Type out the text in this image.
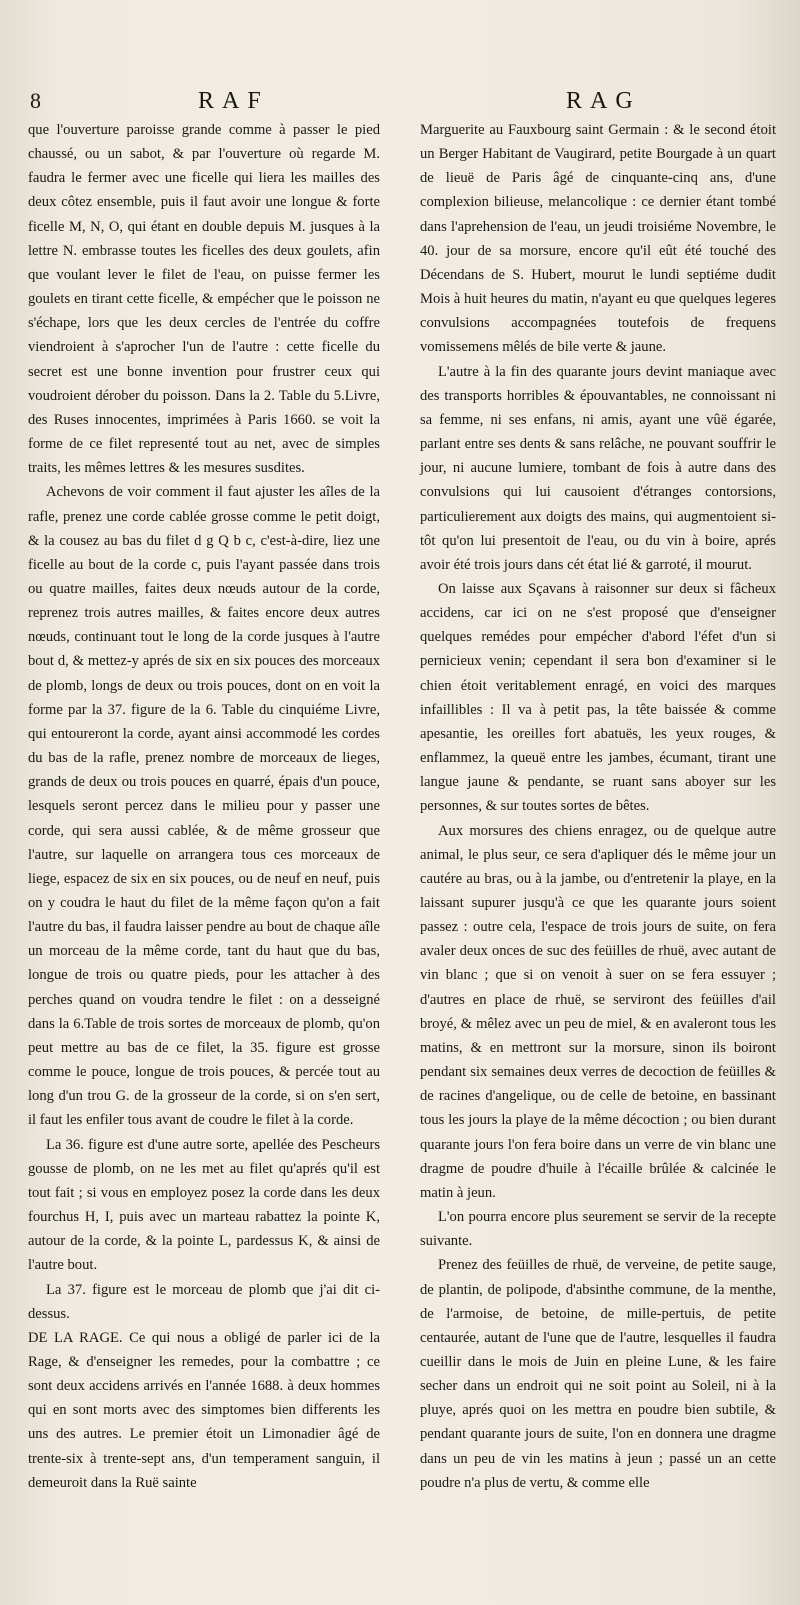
8	RAF	RAG

que l'ouverture paroisse grande comme à passer le pied chaussé, ou un sabot, & par l'ouverture où regarde M. faudra le fermer avec une ficelle qui liera les mailles des deux côtez ensemble, puis il faut avoir une longue & forte ficelle M, N, O, qui étant en double depuis M. jusques à la lettre N. embrasse toutes les ficelles des deux goulets, afin que voulant lever le filet de l'eau, on puisse fermer les goulets en tirant cette ficelle, & empécher que le poisson ne s'échape, lors que les deux cercles de l'entrée du coffre viendroient à s'aprocher l'un de l'autre : cette ficelle du secret est une bonne invention pour frustrer ceux qui voudroient dérober du poisson. Dans la 2. Table du 5.Livre, des Ruses innocentes, imprimées à Paris 1660. se voit la forme de ce filet representé tout au net, avec de simples traits, les mêmes lettres & les mesures susdites.

Achevons de voir comment il faut ajuster les aîles de la rafle, prenez une corde cablée grosse comme le petit doigt, & la cousez au bas du filet d g Q b c, c'est-à-dire, liez une ficelle au bout de la corde c, puis l'ayant passée dans trois ou quatre mailles, faites deux nœuds autour de la corde, reprenez trois autres mailles, & faites encore deux autres nœuds, continuant tout le long de la corde jusques à l'autre bout d, & mettez-y aprés de six en six pouces des morceaux de plomb, longs de deux ou trois pouces, dont on en voit la forme par la 37. figure de la 6. Table du cinquiéme Livre, qui entoureront la corde, ayant ainsi accommodé les cordes du bas de la rafle, prenez nombre de morceaux de lieges, grands de deux ou trois pouces en quarré, épais d'un pouce, lesquels seront percez dans le milieu pour y passer une corde, qui sera aussi cablée, & de même grosseur que l'autre, sur laquelle on arrangera tous ces morceaux de liege, espacez de six en six pouces, ou de neuf en neuf, puis on y coudra le haut du filet de la même façon qu'on a fait l'autre du bas, il faudra laisser pendre au bout de chaque aîle un morceau de la même corde, tant du haut que du bas, longue de trois ou quatre pieds, pour les attacher à des perches quand on voudra tendre le filet : on a desseigné dans la 6.Table de trois sortes de morceaux de plomb, qu'on peut mettre au bas de ce filet, la 35. figure est grosse comme le pouce, longue de trois pouces, & percée tout au long d'un trou G. de la grosseur de la corde, si on s'en sert, il faut les enfiler tous avant de coudre le filet à la corde.

La 36. figure est d'une autre sorte, apellée des Pescheurs gousse de plomb, on ne les met au filet qu'aprés qu'il est tout fait ; si vous en employez posez la corde dans les deux fourchus H, I, puis avec un marteau rabattez la pointe K, autour de la corde, & la pointe L, pardessus K, & ainsi de l'autre bout.

La 37. figure est le morceau de plomb que j'ai dit ci-dessus.

DE LA RAGE. Ce qui nous a obligé de parler ici de la Rage, & d'enseigner les remedes, pour la combattre ; ce sont deux accidens arrivés en l'année 1688. à deux hommes qui en sont morts avec des simptomes bien differents les uns des autres. Le premier étoit un Limonadier âgé de trente-six à trente-sept ans, d'un temperament sanguin, il demeuroit dans la Ruë sainte

Marguerite au Fauxbourg saint Germain : & le second étoit un Berger Habitant de Vaugirard, petite Bourgade à un quart de lieuë de Paris âgé de cinquante-cinq ans, d'une complexion bilieuse, melancolique : ce dernier étant tombé dans l'aprehension de l'eau, un jeudi troisiéme Novembre, le 40. jour de sa morsure, encore qu'il eût été touché des Décendans de S. Hubert, mourut le lundi septiéme dudit Mois à huit heures du matin, n'ayant eu que quelques legeres convulsions accompagnées toutefois de frequens vomissemens mêlés de bile verte & jaune.

L'autre à la fin des quarante jours devint maniaque avec des transports horribles & épouvantables, ne connoissant ni sa femme, ni ses enfans, ni amis, ayant une vûë égarée, parlant entre ses dents & sans relâche, ne pouvant souffrir le jour, ni aucune lumiere, tombant de fois à autre dans des convulsions qui lui causoient d'étranges contorsions, particulierement aux doigts des mains, qui augmentoient si-tôt qu'on lui presentoit de l'eau, ou du vin à boire, aprés avoir été trois jours dans cét état lié & garroté, il mourut.

On laisse aux Sçavans à raisonner sur deux si fâcheux accidens, car ici on ne s'est proposé que d'enseigner quelques remédes pour empécher d'abord l'éfet d'un si pernicieux venin; cependant il sera bon d'examiner si le chien étoit veritablement enragé, en voici des marques infaillibles : Il va à petit pas, la tête baissée & comme apesantie, les oreilles fort abatuës, les yeux rouges, & enflammez, la queuë entre les jambes, écumant, tirant une langue jaune & pendante, se ruant sans aboyer sur les personnes, & sur toutes sortes de bêtes.

Aux morsures des chiens enragez, ou de quelque autre animal, le plus seur, ce sera d'apliquer dés le même jour un cautére au bras, ou à la jambe, ou d'entretenir la playe, en la laissant supurer jusqu'à ce que les quarante jours soient passez : outre cela, l'espace de trois jours de suite, on fera avaler deux onces de suc des feüilles de rhuë, avec autant de vin blanc ; que si on venoit à suer on se fera essuyer ; d'autres en place de rhuë, se serviront des feüilles d'ail broyé, & mêlez avec un peu de miel, & en avaleront tous les matins, & en mettront sur la morsure, sinon ils boiront pendant six semaines deux verres de decoction de feüilles & de racines d'angelique, ou de celle de betoine, en bassinant tous les jours la playe de la même décoction ; ou bien durant quarante jours l'on fera boire dans un verre de vin blanc une dragme de poudre d'huile à l'écaille brûlée & calcinée le matin à jeun.

L'on pourra encore plus seurement se servir de la recepte suivante.

Prenez des feüilles de rhuë, de verveine, de petite sauge, de plantin, de polipode, d'absinthe commune, de la menthe, de l'armoise, de betoine, de mille-pertuis, de petite centaurée, autant de l'une que de l'autre, lesquelles il faudra cueillir dans le mois de Juin en pleine Lune, & les faire secher dans un endroit qui ne soit point au Soleil, ni à la pluye, aprés quoi on les mettra en poudre bien subtile, & pendant quarante jours de suite, l'on en donnera une dragme dans un peu de vin les matins à jeun ; passé un an cette poudre n'a plus de vertu, & comme elle
